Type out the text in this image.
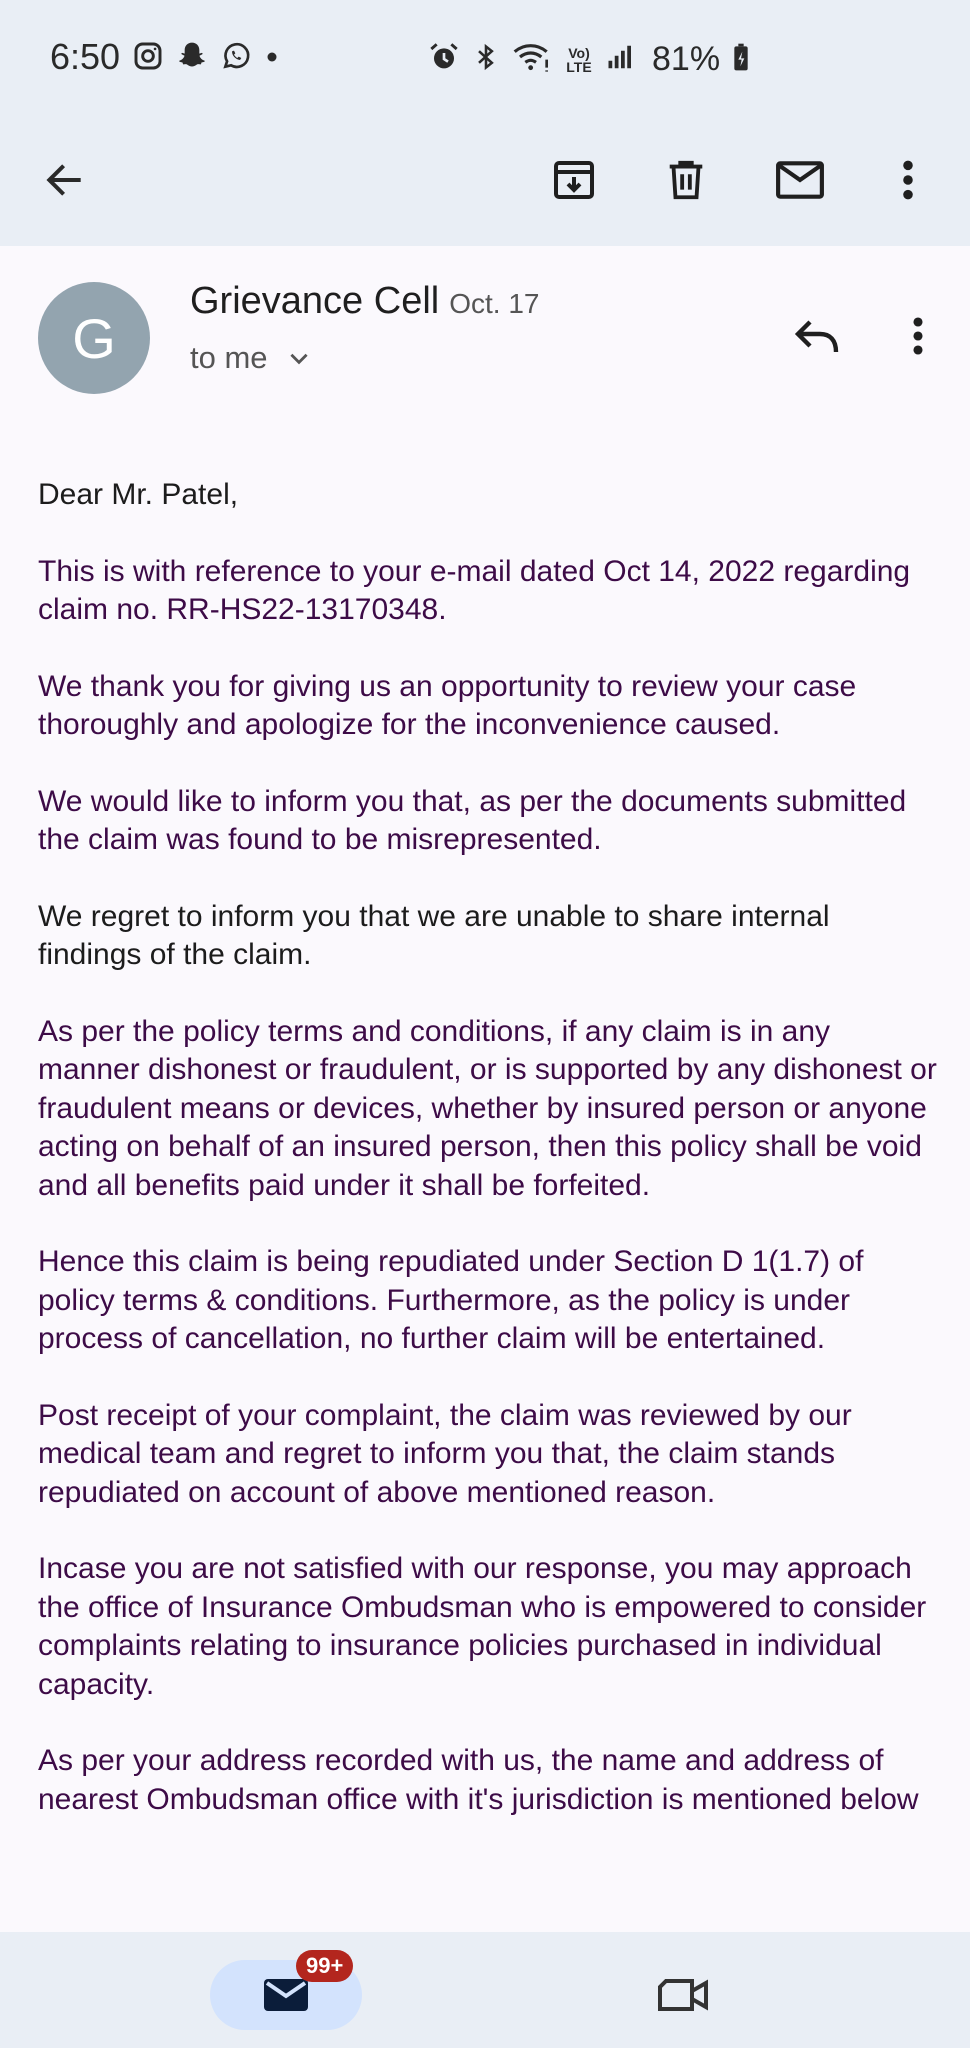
6:50	Vo) LTE 81%
G
Grievance Cell Oct. 17
to me

Dear Mr. Patel,

This is with reference to your e-mail dated Oct 14, 2022 regarding claim no. RR-HS22-13170348.

We thank you for giving us an opportunity to review your case thoroughly and apologize for the inconvenience caused.

We would like to inform you that, as per the documents submitted the claim was found to be misrepresented.

We regret to inform you that we are unable to share internal findings of the claim.

As per the policy terms and conditions, if any claim is in any manner dishonest or fraudulent, or is supported by any dishonest or fraudulent means or devices, whether by insured person or anyone acting on behalf of an insured person, then this policy shall be void and all benefits paid under it shall be forfeited.

Hence this claim is being repudiated under Section D 1(1.7) of policy terms & conditions. Furthermore, as the policy is under process of cancellation, no further claim will be entertained.

Post receipt of your complaint, the claim was reviewed by our medical team and regret to inform you that, the claim stands repudiated on account of above mentioned reason.

Incase you are not satisfied with our response, you may approach the office of Insurance Ombudsman who is empowered to consider complaints relating to insurance policies purchased in individual capacity.

As per your address recorded with us, the name and address of nearest Ombudsman office with it's jurisdiction is mentioned below

99+
